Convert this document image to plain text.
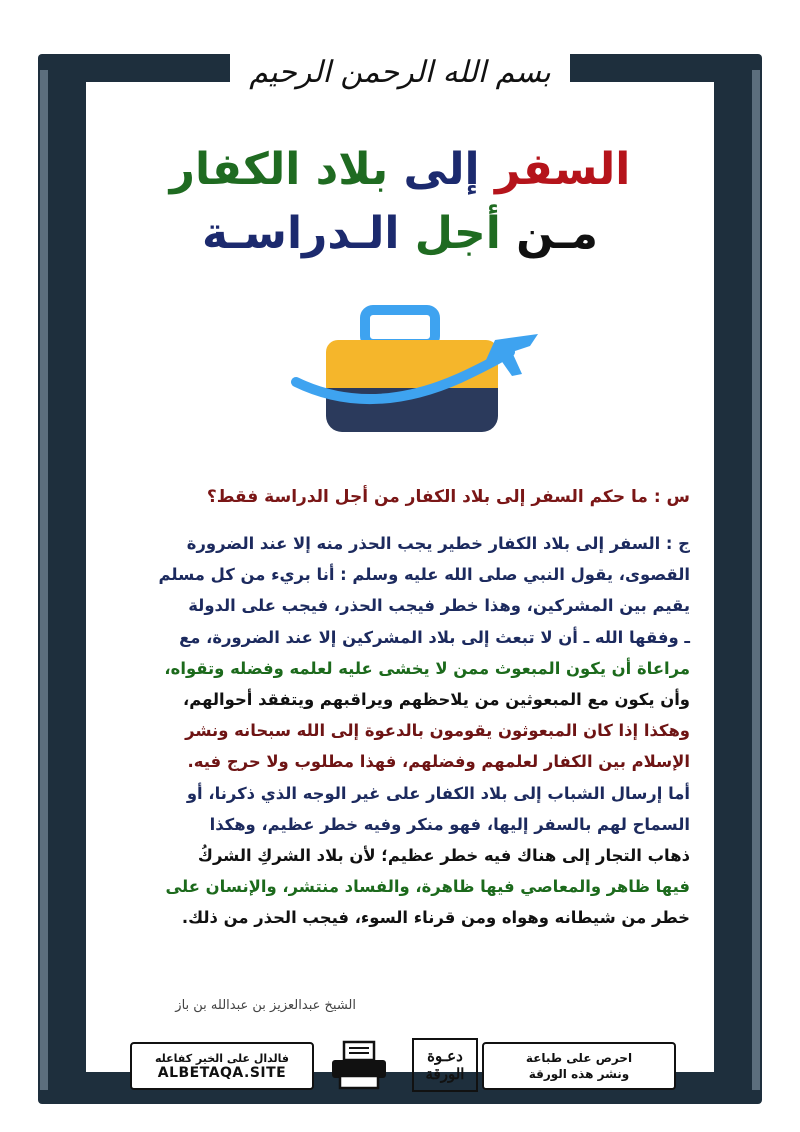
بسم الله الرحمن الرحيم
السفر إلى بلاد الكفار
مـن أجل الـدراسـة
س : ما حكم السفر إلى بلاد الكفار من أجل الدراسة فقط؟
ج : السفر إلى بلاد الكفار خطير يجب الحذر منه إلا عند الضرورة
القصوى، يقول النبي صلى الله عليه وسلم : أنا بريء من كل مسلم
يقيم بين المشركين، وهذا خطر فيجب الحذر، فيجب على الدولة
ـ وفقها الله ـ أن لا تبعث إلى بلاد المشركين إلا عند الضرورة، مع
مراعاة أن يكون المبعوث ممن لا يخشى عليه لعلمه وفضله وتقواه،
وأن يكون مع المبعوثين من يلاحظهم ويراقبهم ويتفقد أحوالهم،
وهكذا إذا كان المبعوثون يقومون بالدعوة إلى الله سبحانه ونشر
الإسلام بين الكفار لعلمهم وفضلهم، فهذا مطلوب ولا حرج فيه.
أما إرسال الشباب إلى بلاد الكفار على غير الوجه الذي ذكرنا، أو
السماح لهم بالسفر إليها، فهو منكر وفيه خطر عظيم، وهكذا
ذهاب التجار إلى هناك فيه خطر عظيم؛ لأن بلاد الشركِ الشركُ
فيها ظاهر والمعاصي فيها ظاهرة، والفساد منتشر، والإنسان على
خطر من شيطانه وهواه ومن قرناء السوء، فيجب الحذر من ذلك.
الشيخ عبدالعزيز بن عبدالله بن باز
فالدال على الخير كفاعله
ALBETAQA.SITE
دعـوة
الورقة
احرص على طباعة
ونشر هذه الورقة
